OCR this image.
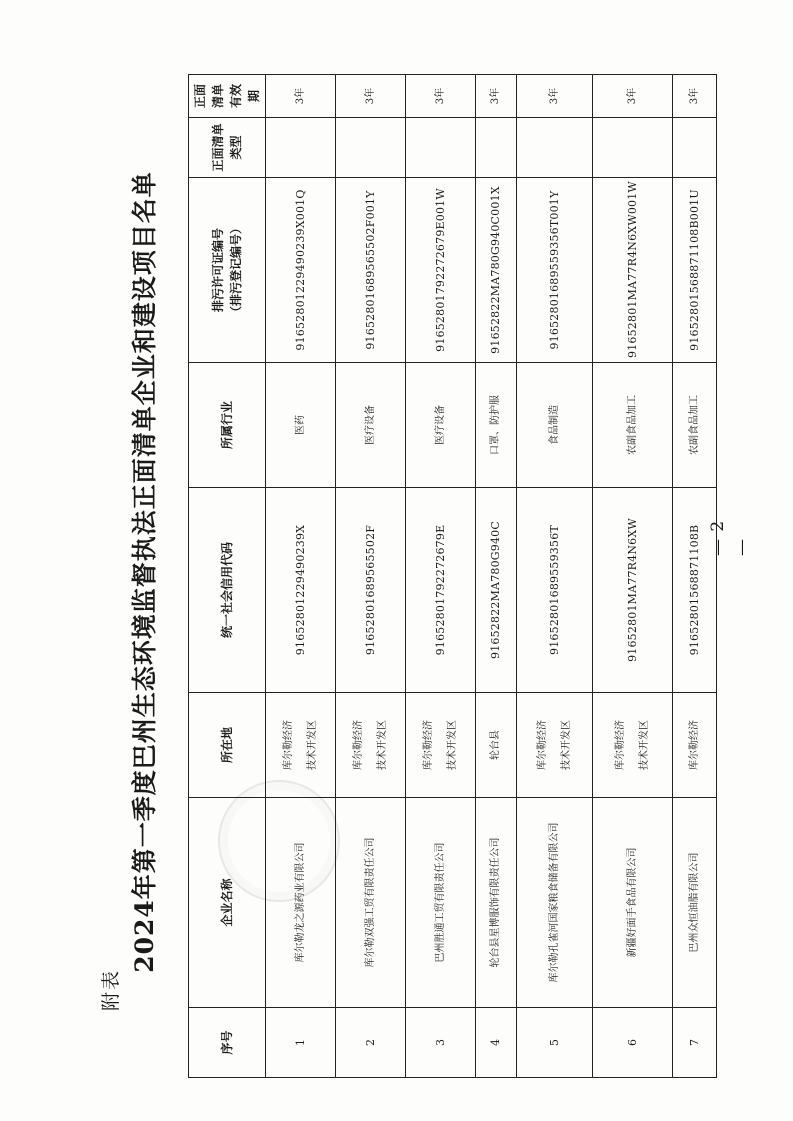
附表
2024年第一季度巴州生态环境监督执法正面清单企业和建设项目名单	— 2 —
序号	企业名称	所在地	统一社会信用代码	所属行业	排污许可证编号 （排污登记编号）	正面清单类型	正面清单有效期
1	库尔勒龙之源药业有限公司	库尔勒经济 技术开发区	91652801229490239X	医药	91652801229490239X001Q		3年
2	库尔勒双强工贸有限责任公司	库尔勒经济 技术开发区	91652801689565502F	医疗设备	91652801689565502F001Y		3年
3	巴州胜通工贸有限责任公司	库尔勒经济 技术开发区	91652801792272679E	医疗设备	91652801792272679E001W		3年
4	轮台县星博服饰有限责任公司	轮台县	91652822MA780G940C	口罩、防护服	91652822MA780G940C001X		3年
5	库尔勒孔雀河国家粮食储备有限公司	库尔勒经济 技术开发区	91652801689559356T	食品制造	91652801689559356T001Y		3年
6	新疆好面手食品有限公司	库尔勒经济 技术开发区	91652801MA77R4N6XW	农副食品加工	91652801MA77R4N6XW001W		3年
7	巴州众恒油脂有限公司	库尔勒经济	91652801568871108B	农副食品加工	91652801568871108B001U		3年
